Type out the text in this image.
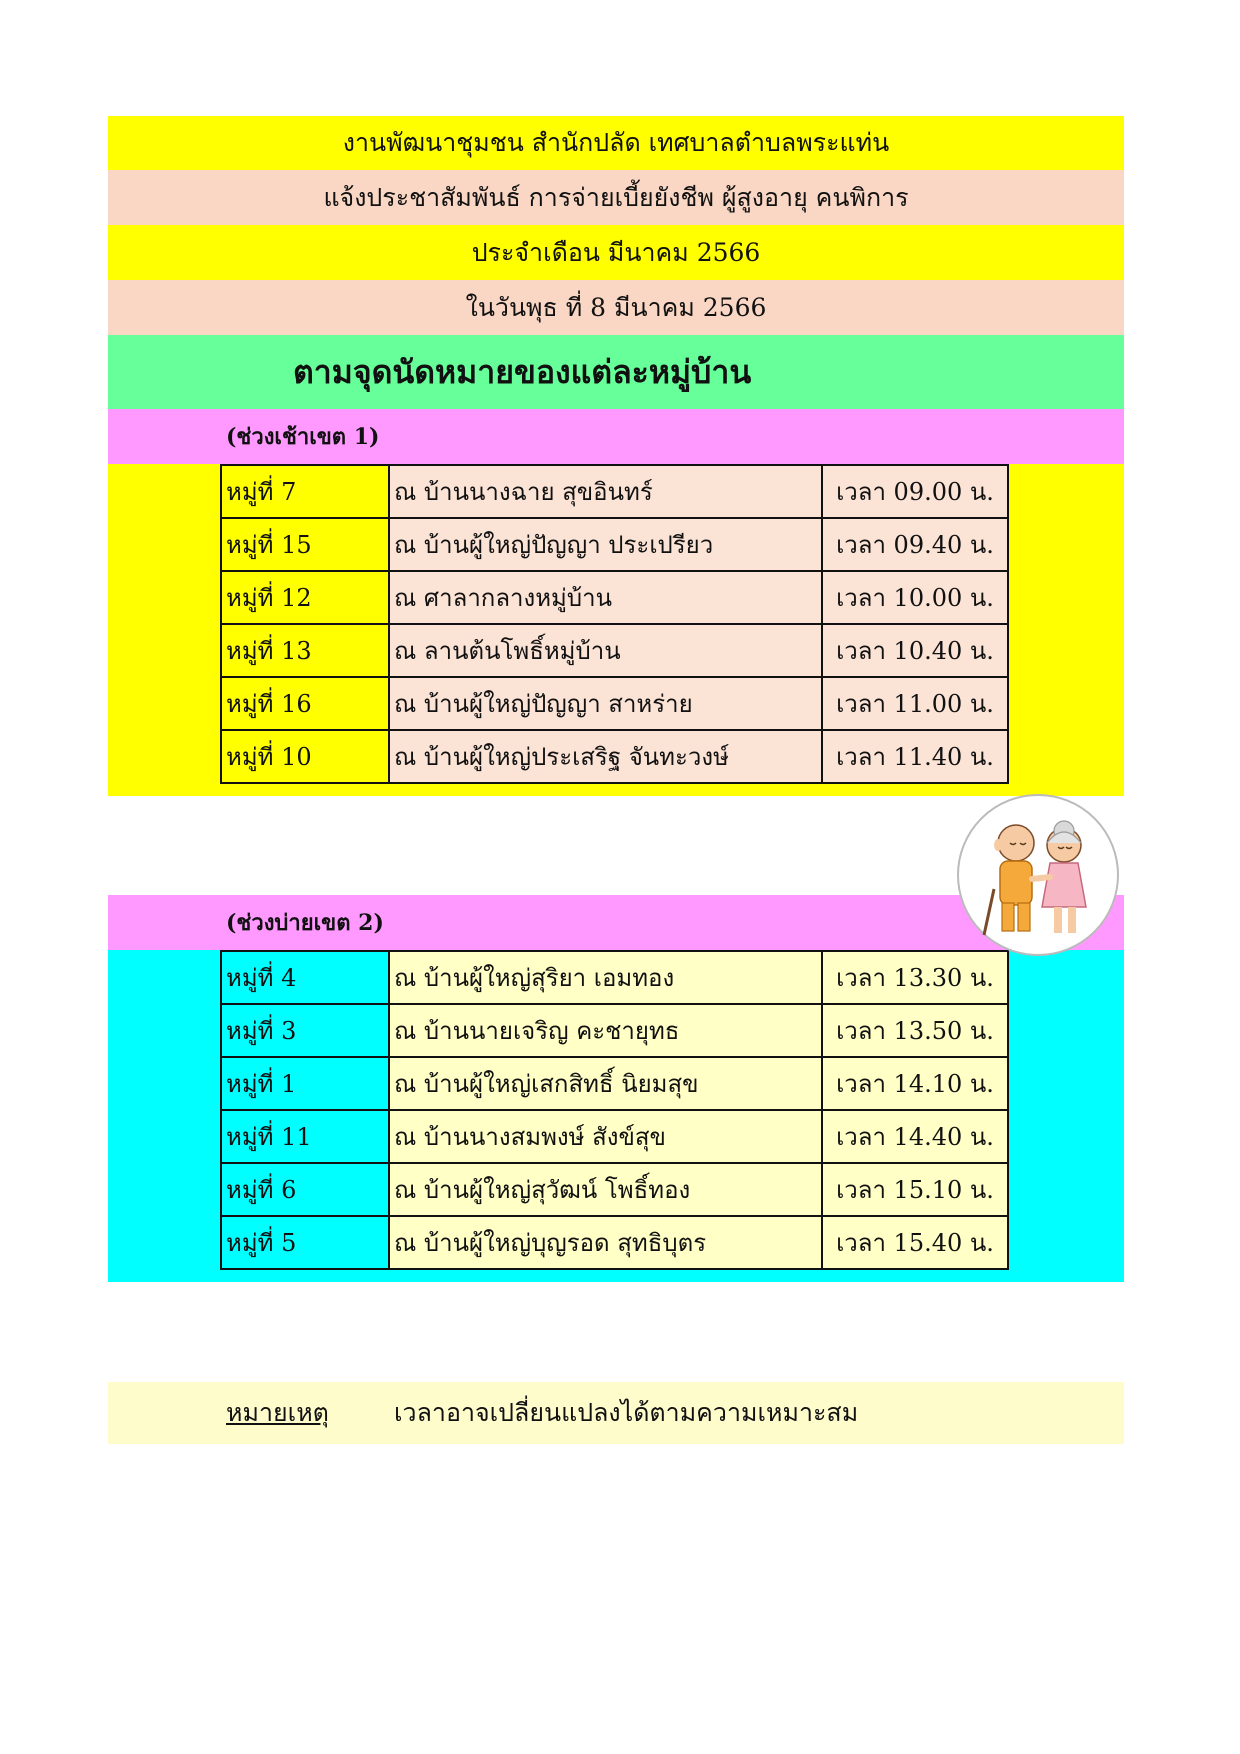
งานพัฒนาชุมชน สำนักปลัด เทศบาลตำบลพระแท่น
แจ้งประชาสัมพันธ์ การจ่ายเบี้ยยังชีพ ผู้สูงอายุ คนพิการ
ประจำเดือน มีนาคม 2566
ในวันพุธ ที่ 8 มีนาคม 2566
ตามจุดนัดหมายของแต่ละหมู่บ้าน
(ช่วงเช้าเขต 1)
หมู่ที่ 7	ณ บ้านนางฉาย สุขอินทร์	เวลา 09.00 น.
หมู่ที่ 15	ณ บ้านผู้ใหญ่ปัญญา ประเปรียว	เวลา 09.40 น.
หมู่ที่ 12	ณ ศาลากลางหมู่บ้าน	เวลา 10.00 น.
หมู่ที่ 13	ณ ลานต้นโพธิ์หมู่บ้าน	เวลา 10.40 น.
หมู่ที่ 16	ณ บ้านผู้ใหญ่ปัญญา สาหร่าย	เวลา 11.00 น.
หมู่ที่ 10	ณ บ้านผู้ใหญ่ประเสริฐ จันทะวงษ์	เวลา 11.40 น.
(ช่วงบ่ายเขต 2)
หมู่ที่ 4	ณ บ้านผู้ใหญ่สุริยา เอมทอง	เวลา 13.30 น.
หมู่ที่ 3	ณ บ้านนายเจริญ คะชายุทธ	เวลา 13.50 น.
หมู่ที่ 1	ณ บ้านผู้ใหญ่เสกสิทธิ์ นิยมสุข	เวลา 14.10 น.
หมู่ที่ 11	ณ บ้านนางสมพงษ์ สังข์สุข	เวลา 14.40 น.
หมู่ที่ 6	ณ บ้านผู้ใหญ่สุวัฒน์ โพธิ์ทอง	เวลา 15.10 น.
หมู่ที่ 5	ณ บ้านผู้ใหญ่บุญรอด สุทธิบุตร	เวลา 15.40 น.
หมายเหตุ	เวลาอาจเปลี่ยนแปลงได้ตามความเหมาะสม
